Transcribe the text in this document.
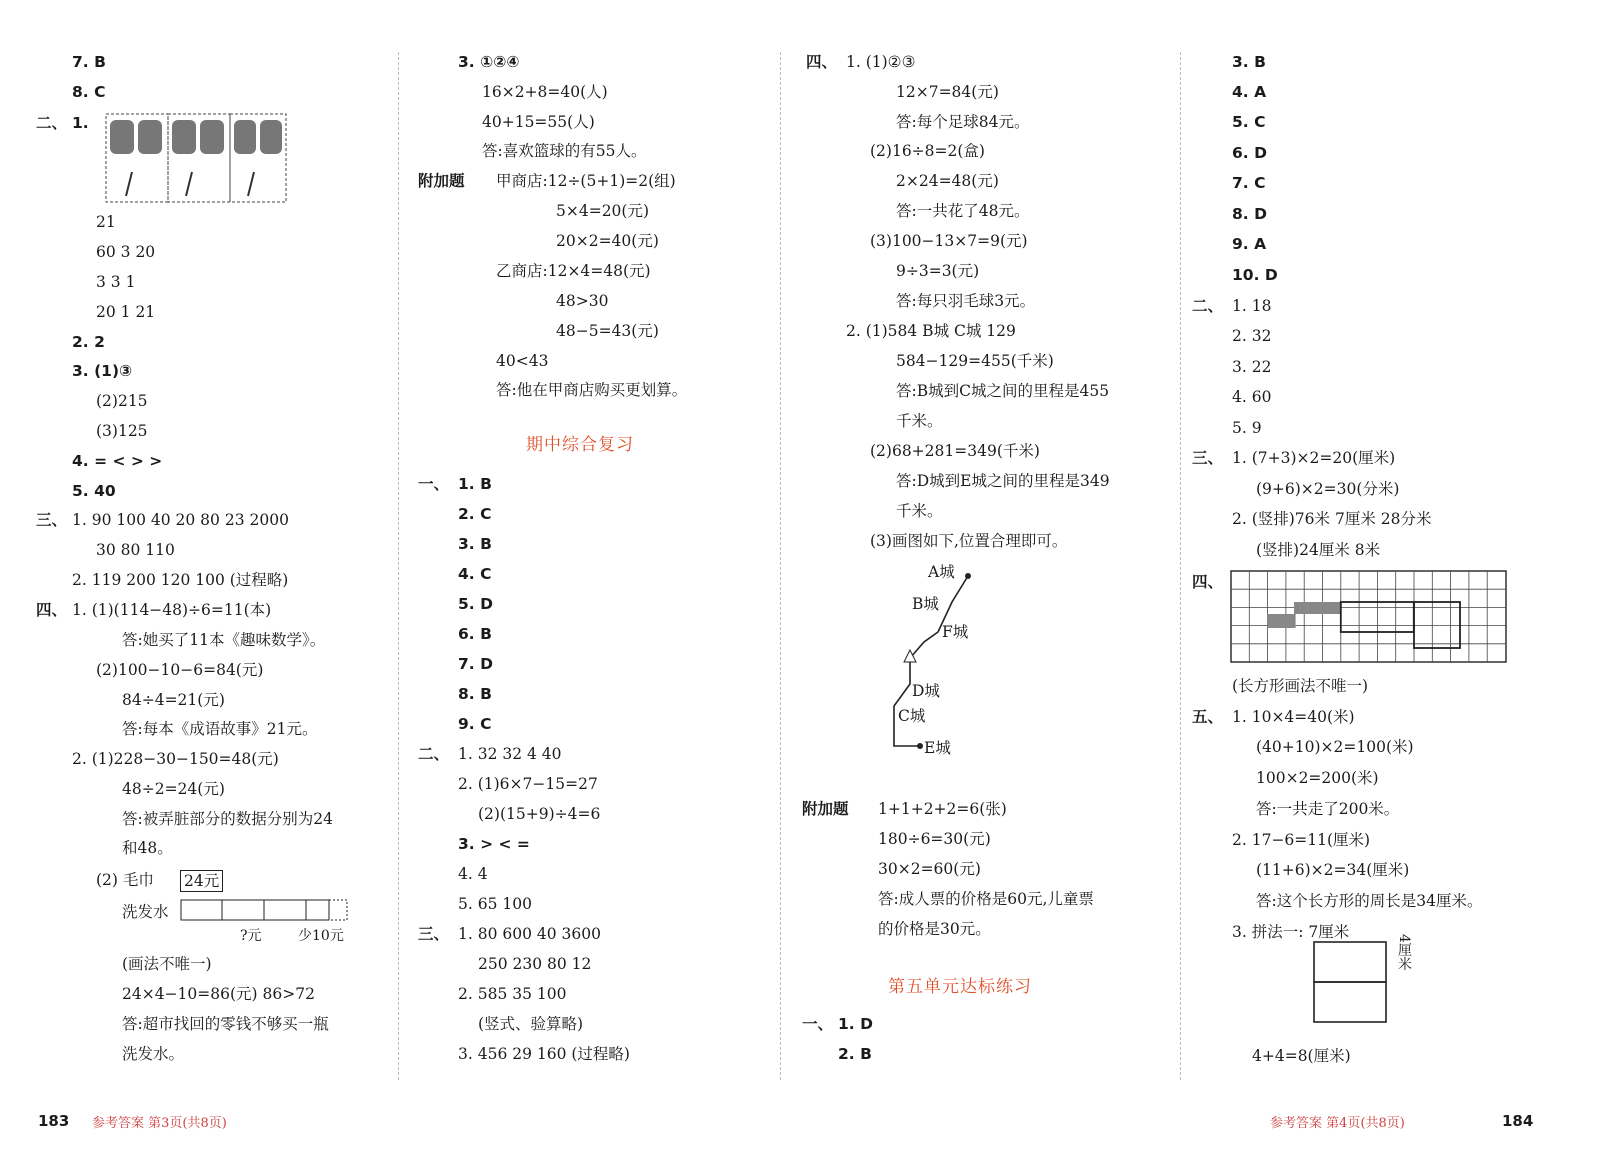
7. B
8. C
二、 1.
21
60 3 20
3 3 1
20 1 21
2. 2
3. (1)③
(2)215
(3)125
4. = < > >
5. 40
三、 1. 90 100 40 20 80 23 2000
30 80 110
2. 119 200 120 100 (过程略)
四、 1. (1)(114−48)÷6=11(本)
答:她买了11本《趣味数学》。
(2)100−10−6=84(元)
84÷4=21(元)
答:每本《成语故事》21元。
2. (1)228−30−150=48(元)
48÷2=24(元)
答:被弄脏部分的数据分别为24
和48。
(2) 毛巾 24元
洗发水
?元	少10元
(画法不唯一)
24×4−10=86(元) 86>72
答:超市找回的零钱不够买一瓶
洗发水。
3. ①②④
16×2+8=40(人)
40+15=55(人)
答:喜欢篮球的有55人。
附加题 甲商店:12÷(5+1)=2(组)
5×4=20(元)
20×2=40(元)
乙商店:12×4=48(元)
48>30
48−5=43(元)
40<43
答:他在甲商店购买更划算。
期中综合复习
一、 1. B
2. C
3. B
4. C
5. D
6. B
7. D
8. B
9. C
二、 1. 32 32 4 40
2. (1)6×7−15=27
(2)(15+9)÷4=6
3. > < =
4. 4
5. 65 100
三、 1. 80 600 40 3600
250 230 80 12
2. 585 35 100
(竖式、验算略)
3. 456 29 160 (过程略)
四、 1. (1)②③
12×7=84(元)
答:每个足球84元。
(2)16÷8=2(盒)
2×24=48(元)
答:一共花了48元。
(3)100−13×7=9(元)
9÷3=3(元)
答:每只羽毛球3元。
2. (1)584 B城 C城 129
584−129=455(千米)
答:B城到C城之间的里程是455
千米。
(2)68+281=349(千米)
答:D城到E城之间的里程是349
千米。
(3)画图如下,位置合理即可。
A城
B城
F城
D城
C城
E城
附加题 1+1+2+2=6(张)
180÷6=30(元)
30×2=60(元)
答:成人票的价格是60元,儿童票
的价格是30元。
第五单元达标练习
一、 1. D
2. B
3. B
4. A
5. C
6. D
7. C
8. D
9. A
10. D
二、 1. 18
2. 32
3. 22
4. 60
5. 9
三、 1. (7+3)×2=20(厘米)
(9+6)×2=30(分米)
2. (竖排)76米 7厘米 28分米
(竖排)24厘米 8米
四、
(长方形画法不唯一)
五、 1. 10×4=40(米)
(40+10)×2=100(米)
100×2=200(米)
答:一共走了200米。
2. 17−6=11(厘米)
(11+6)×2=34(厘米)
答:这个长方形的周长是34厘米。
3. 拼法一: 7厘米
4厘米
4+4=8(厘米)
183 参考答案 第3页(共8页)	参考答案 第4页(共8页)	184
